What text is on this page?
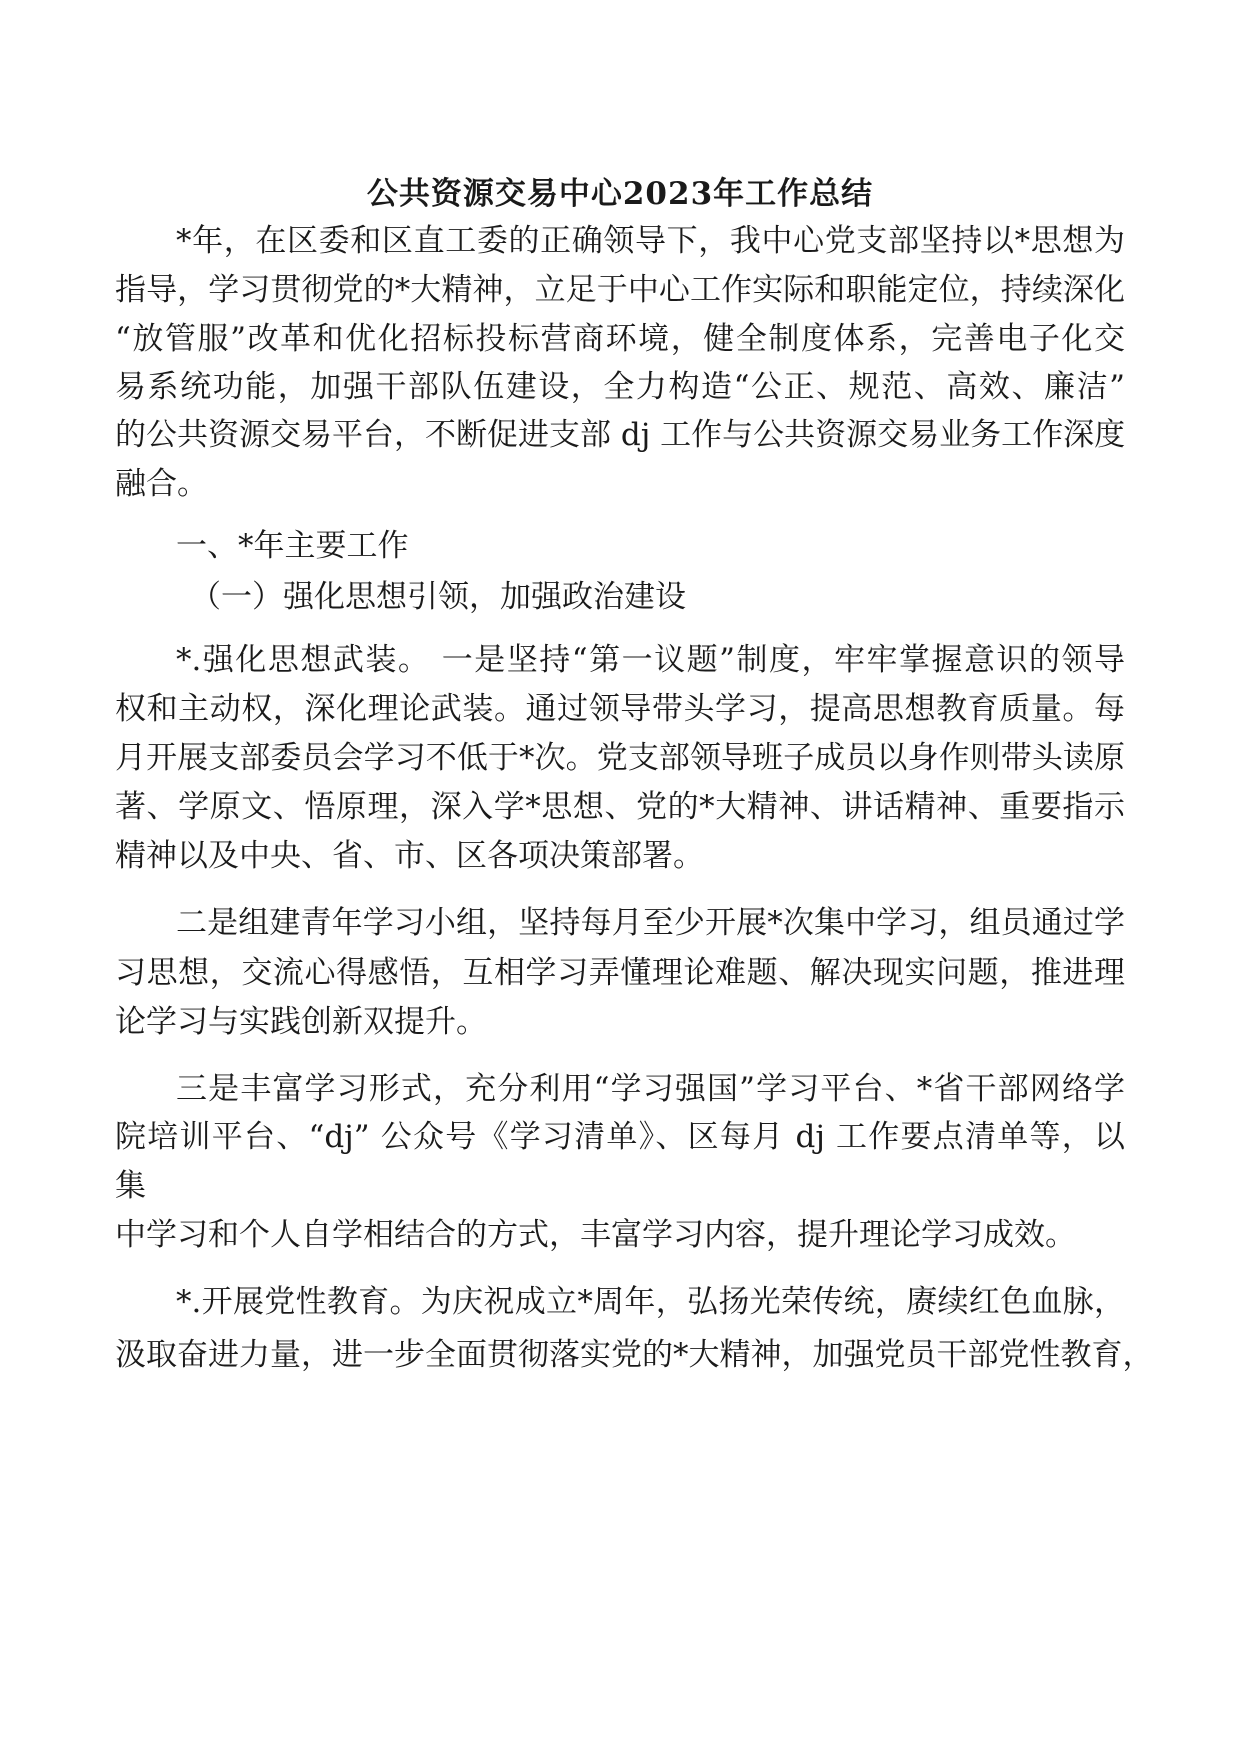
公共资源交易中心2023年工作总结
*年，在区委和区直工委的正确领导下，我中心党支部坚持以*思想为
指导，学习贯彻党的*大精神，立足于中心工作实际和职能定位，持续深化
“放管服”改革和优化招标投标营商环境，健全制度体系，完善电子化交
易系统功能，加强干部队伍建设，全力构造“公正、规范、高效、廉洁”
的公共资源交易平台，不断促进支部 dj 工作与公共资源交易业务工作深度
融合。
一、*年主要工作
（一）强化思想引领，加强政治建设
*.强化思想武装。 一是坚持“第一议题”制度，牢牢掌握意识的领导
权和主动权，深化理论武装。通过领导带头学习，提高思想教育质量。每
月开展支部委员会学习不低于*次。党支部领导班子成员以身作则带头读原
著、学原文、悟原理，深入学*思想、党的*大精神、讲话精神、重要指示
精神以及中央、省、市、区各项决策部署。
二是组建青年学习小组，坚持每月至少开展*次集中学习，组员通过学
习思想，交流心得感悟，互相学习弄懂理论难题、解决现实问题，推进理
论学习与实践创新双提升。
三是丰富学习形式，充分利用“学习强国”学习平台、*省干部网络学
院培训平台、“dj” 公众号《学习清单》、区每月 dj 工作要点清单等，以
集
中学习和个人自学相结合的方式，丰富学习内容，提升理论学习成效。
*.开展党性教育。为庆祝成立*周年，弘扬光荣传统，赓续红色血脉，
汲取奋进力量，进一步全面贯彻落实党的*大精神，加强党员干部党性教育，
